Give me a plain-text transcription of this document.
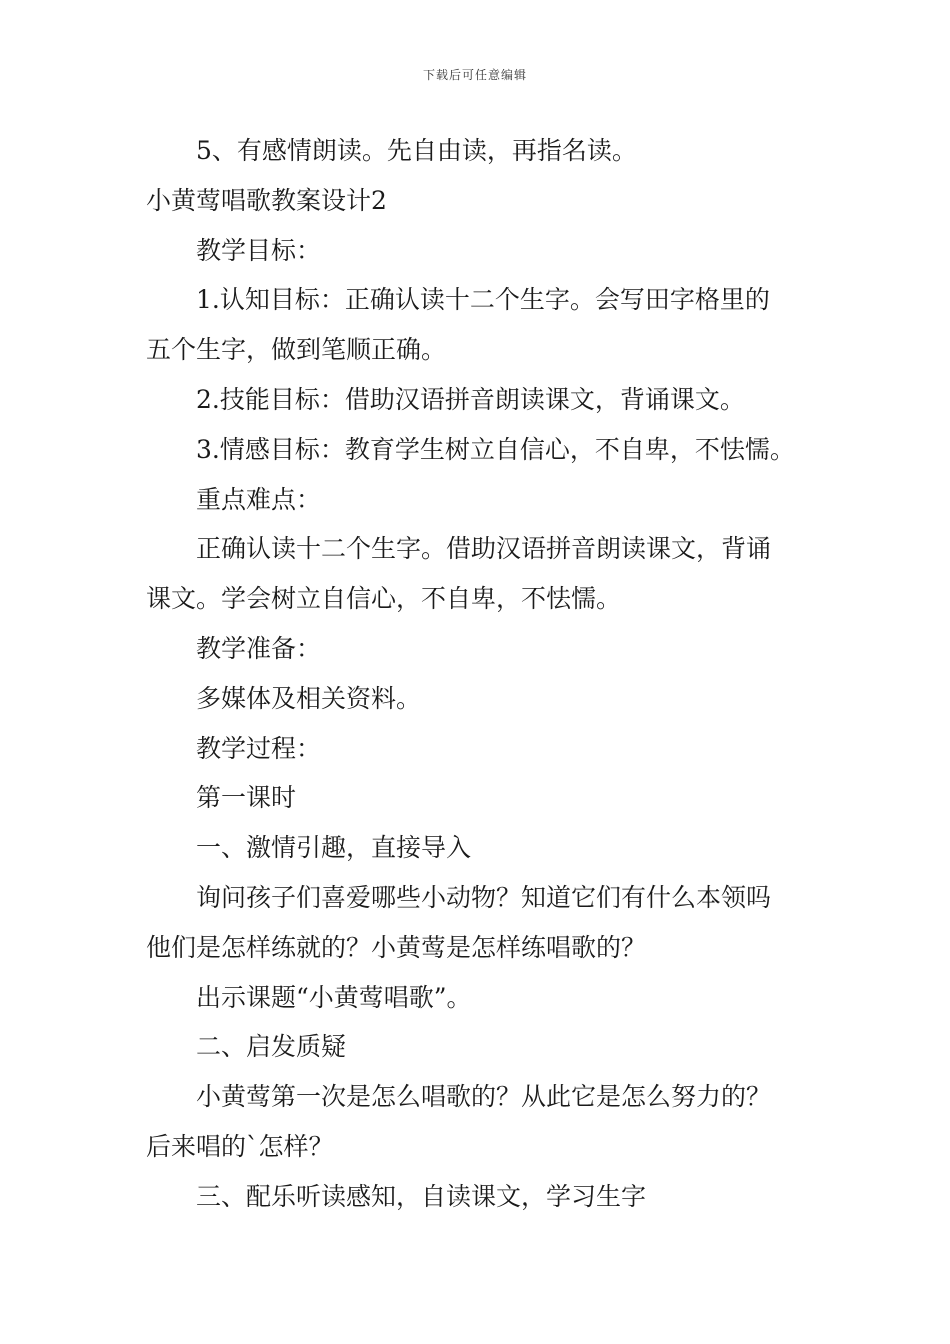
下载后可任意编辑
5、有感情朗读。先自由读，再指名读。
小黄莺唱歌教案设计2
教学目标：
1.认知目标：正确认读十二个生字。会写田字格里的
五个生字，做到笔顺正确。
2.技能目标：借助汉语拼音朗读课文，背诵课文。
3.情感目标：教育学生树立自信心，不自卑，不怯懦。
重点难点：
正确认读十二个生字。借助汉语拼音朗读课文，背诵
课文。学会树立自信心，不自卑，不怯懦。
教学准备：
多媒体及相关资料。
教学过程：
第一课时
一、激情引趣，直接导入
询问孩子们喜爱哪些小动物？知道它们有什么本领吗
他们是怎样练就的？小黄莺是怎样练唱歌的？
出示课题“小黄莺唱歌”。
二、启发质疑
小黄莺第一次是怎么唱歌的？从此它是怎么努力的？
后来唱的`怎样？
三、配乐听读感知，自读课文，学习生字
